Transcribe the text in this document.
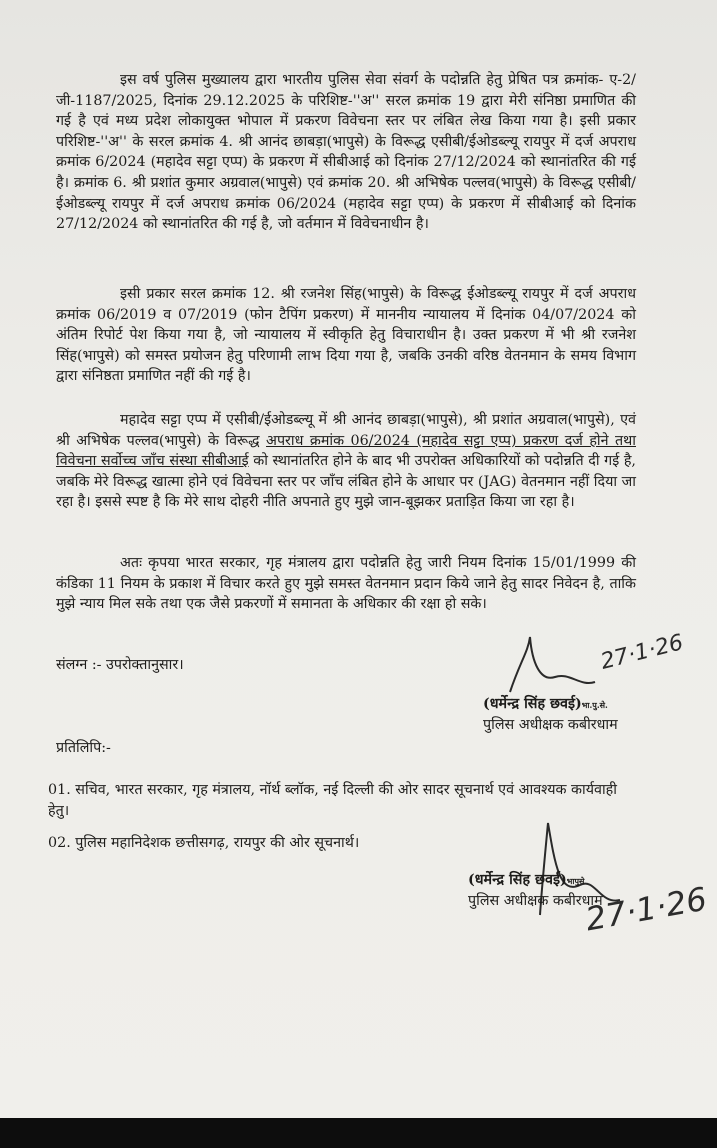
इस वर्ष पुलिस मुख्यालय द्वारा भारतीय पुलिस सेवा संवर्ग के पदोन्नति हेतु प्रेषित पत्र क्रमांक- ए-2/जी-1187/2025, दिनांक 29.12.2025 के परिशिष्ट-''अ'' सरल क्रमांक 19 द्वारा मेरी संनिष्ठा प्रमाणित की गई है एवं मध्य प्रदेश लोकायुक्त भोपाल में प्रकरण विवेचना स्तर पर लंबित लेख किया गया है। इसी प्रकार परिशिष्ट-''अ'' के सरल क्रमांक 4. श्री आनंद छाबड़ा(भापुसे) के विरूद्ध एसीबी/ईओडब्ल्यू रायपुर में दर्ज अपराध क्रमांक 6/2024 (महादेव सट्टा एप्प) के प्रकरण में सीबीआई को दिनांक 27/12/2024 को स्थानांतरित की गई है। क्रमांक 6. श्री प्रशांत कुमार अग्रवाल(भापुसे) एवं क्रमांक 20. श्री अभिषेक पल्लव(भापुसे) के विरूद्ध एसीबी/ईओडब्ल्यू रायपुर में दर्ज अपराध क्रमांक 06/2024 (महादेव सट्टा एप्प) के प्रकरण में सीबीआई को दिनांक 27/12/2024 को स्थानांतरित की गई है, जो वर्तमान में विवेचनाधीन है।
इसी प्रकार सरल क्रमांक 12. श्री रजनेश सिंह(भापुसे) के विरूद्ध ईओडब्ल्यू रायपुर में दर्ज अपराध क्रमांक 06/2019 व 07/2019 (फोन टैपिंग प्रकरण) में माननीय न्यायालय में दिनांक 04/07/2024 को अंतिम रिपोर्ट पेश किया गया है, जो न्यायालय में स्वीकृति हेतु विचाराधीन है। उक्त प्रकरण में भी श्री रजनेश सिंह(भापुसे) को समस्त प्रयोजन हेतु परिणामी लाभ दिया गया है, जबकि उनकी वरिष्ठ वेतनमान के समय विभाग द्वारा संनिष्ठता प्रमाणित नहीं की गई है।
महादेव सट्टा एप्प में एसीबी/ईओडब्ल्यू में श्री आनंद छाबड़ा(भापुसे), श्री प्रशांत अग्रवाल(भापुसे), एवं श्री अभिषेक पल्लव(भापुसे) के विरूद्ध अपराध क्रमांक 06/2024 (महादेव सट्टा एप्प) प्रकरण दर्ज होने तथा विवेचना सर्वोच्च जाँच संस्था सीबीआई को स्थानांतरित होने के बाद भी उपरोक्त अधिकारियों को पदोन्नति दी गई है, जबकि मेरे विरूद्ध खात्मा होने एवं विवेचना स्तर पर जाँच लंबित होने के आधार पर (JAG) वेतनमान नहीं दिया जा रहा है। इससे स्पष्ट है कि मेरे साथ दोहरी नीति अपनाते हुए मुझे जान-बूझकर प्रताड़ित किया जा रहा है।
अतः कृपया भारत सरकार, गृह मंत्रालय द्वारा पदोन्नति हेतु जारी नियम दिनांक 15/01/1999 की कंडिका 11 नियम के प्रकाश में विचार करते हुए मुझे समस्त वेतनमान प्रदान किये जाने हेतु सादर निवेदन है, ताकि मुझे न्याय मिल सके तथा एक जैसे प्रकरणों में समानता के अधिकार की रक्षा हो सके।
संलग्न :- उपरोक्तानुसार।	27·1·26
(धर्मेन्द्र सिंह छवई)भा.पु.से.
पुलिस अधीक्षक कबीरधाम
प्रतिलिपि:-
01. सचिव, भारत सरकार, गृह मंत्रालय, नॉर्थ ब्लॉक, नई दिल्ली की ओर सादर सूचनार्थ एवं आवश्यक कार्यवाही हेतु।
02. पुलिस महानिदेशक छत्तीसगढ़, रायपुर की ओर सूचनार्थ।
27·1·26
(धर्मेन्द्र सिंह छवई)भापुसे
पुलिस अधीक्षक कबीरधाम
